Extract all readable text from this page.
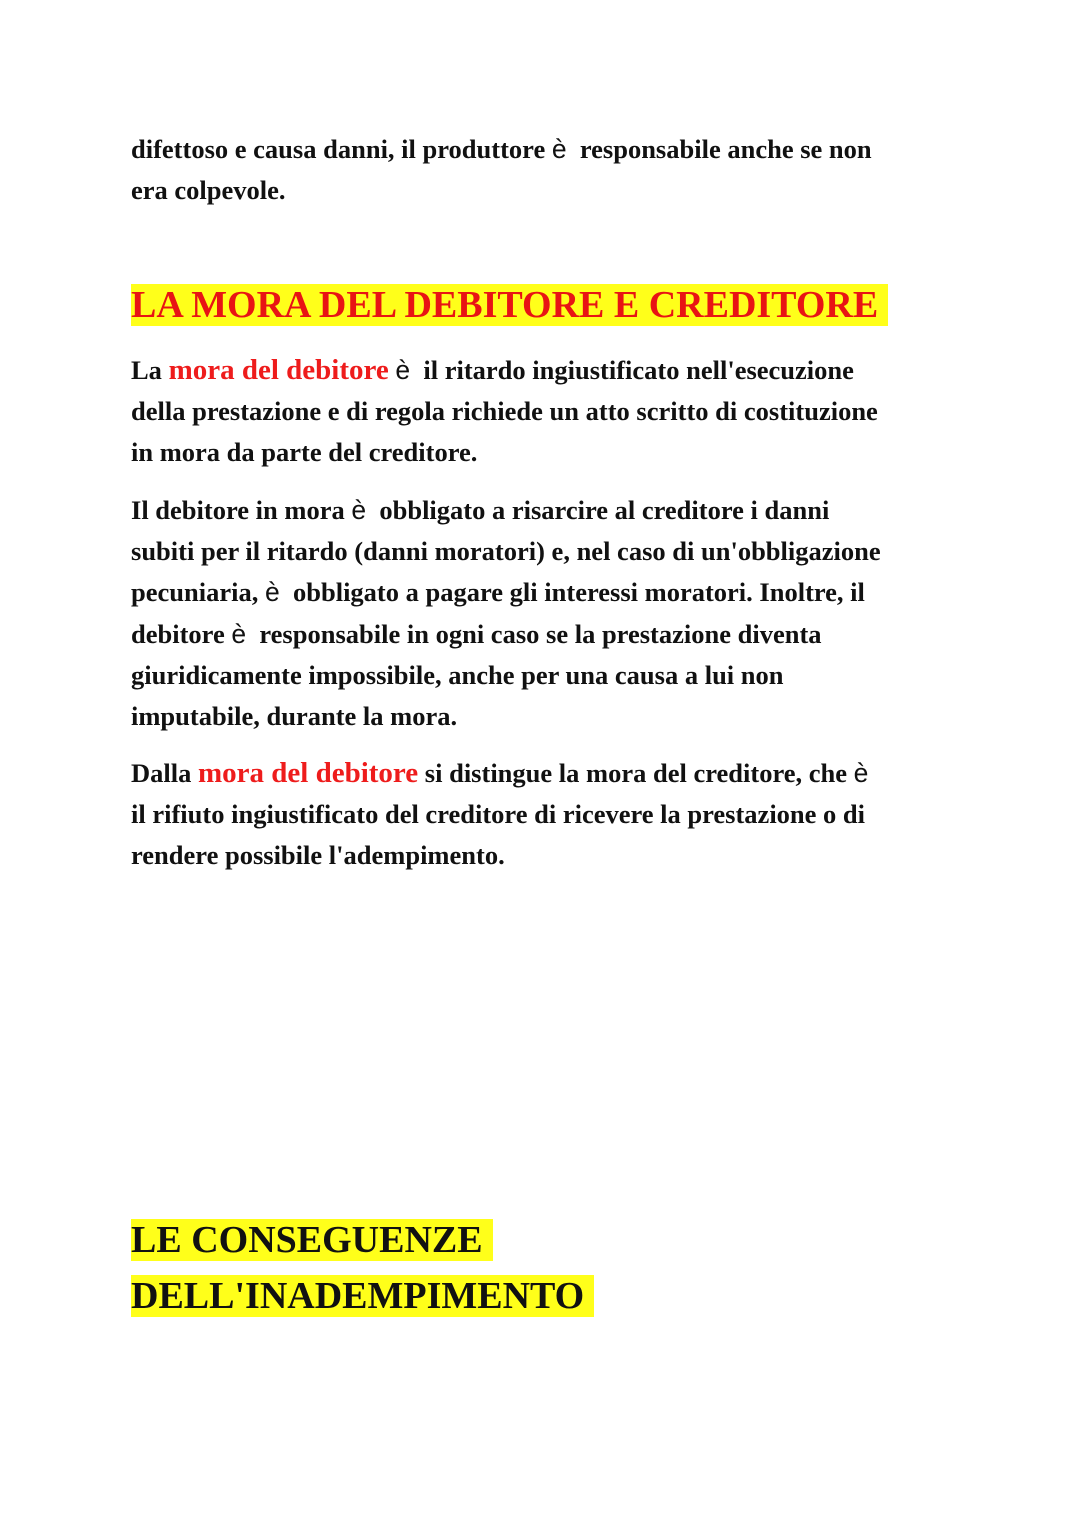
difettoso e causa danni, il produttore è  responsabile anche se non
era colpevole.
LA MORA DEL DEBITORE E CREDITORE
La mora del debitore è  il ritardo ingiustificato nell'esecuzione
della prestazione e di regola richiede un atto scritto di costituzione
in mora da parte del creditore.
Il debitore in mora è  obbligato a risarcire al creditore i danni
subiti per il ritardo (danni moratori) e, nel caso di un'obbligazione
pecuniaria, è  obbligato a pagare gli interessi moratori. Inoltre, il
debitore è  responsabile in ogni caso se la prestazione diventa
giuridicamente impossibile, anche per una causa a lui non
imputabile, durante la mora.
Dalla mora del debitore si distingue la mora del creditore, che è
il rifiuto ingiustificato del creditore di ricevere la prestazione o di
rendere possibile l'adempimento.
LE CONSEGUENZE
DELL'INADEMPIMENTO
